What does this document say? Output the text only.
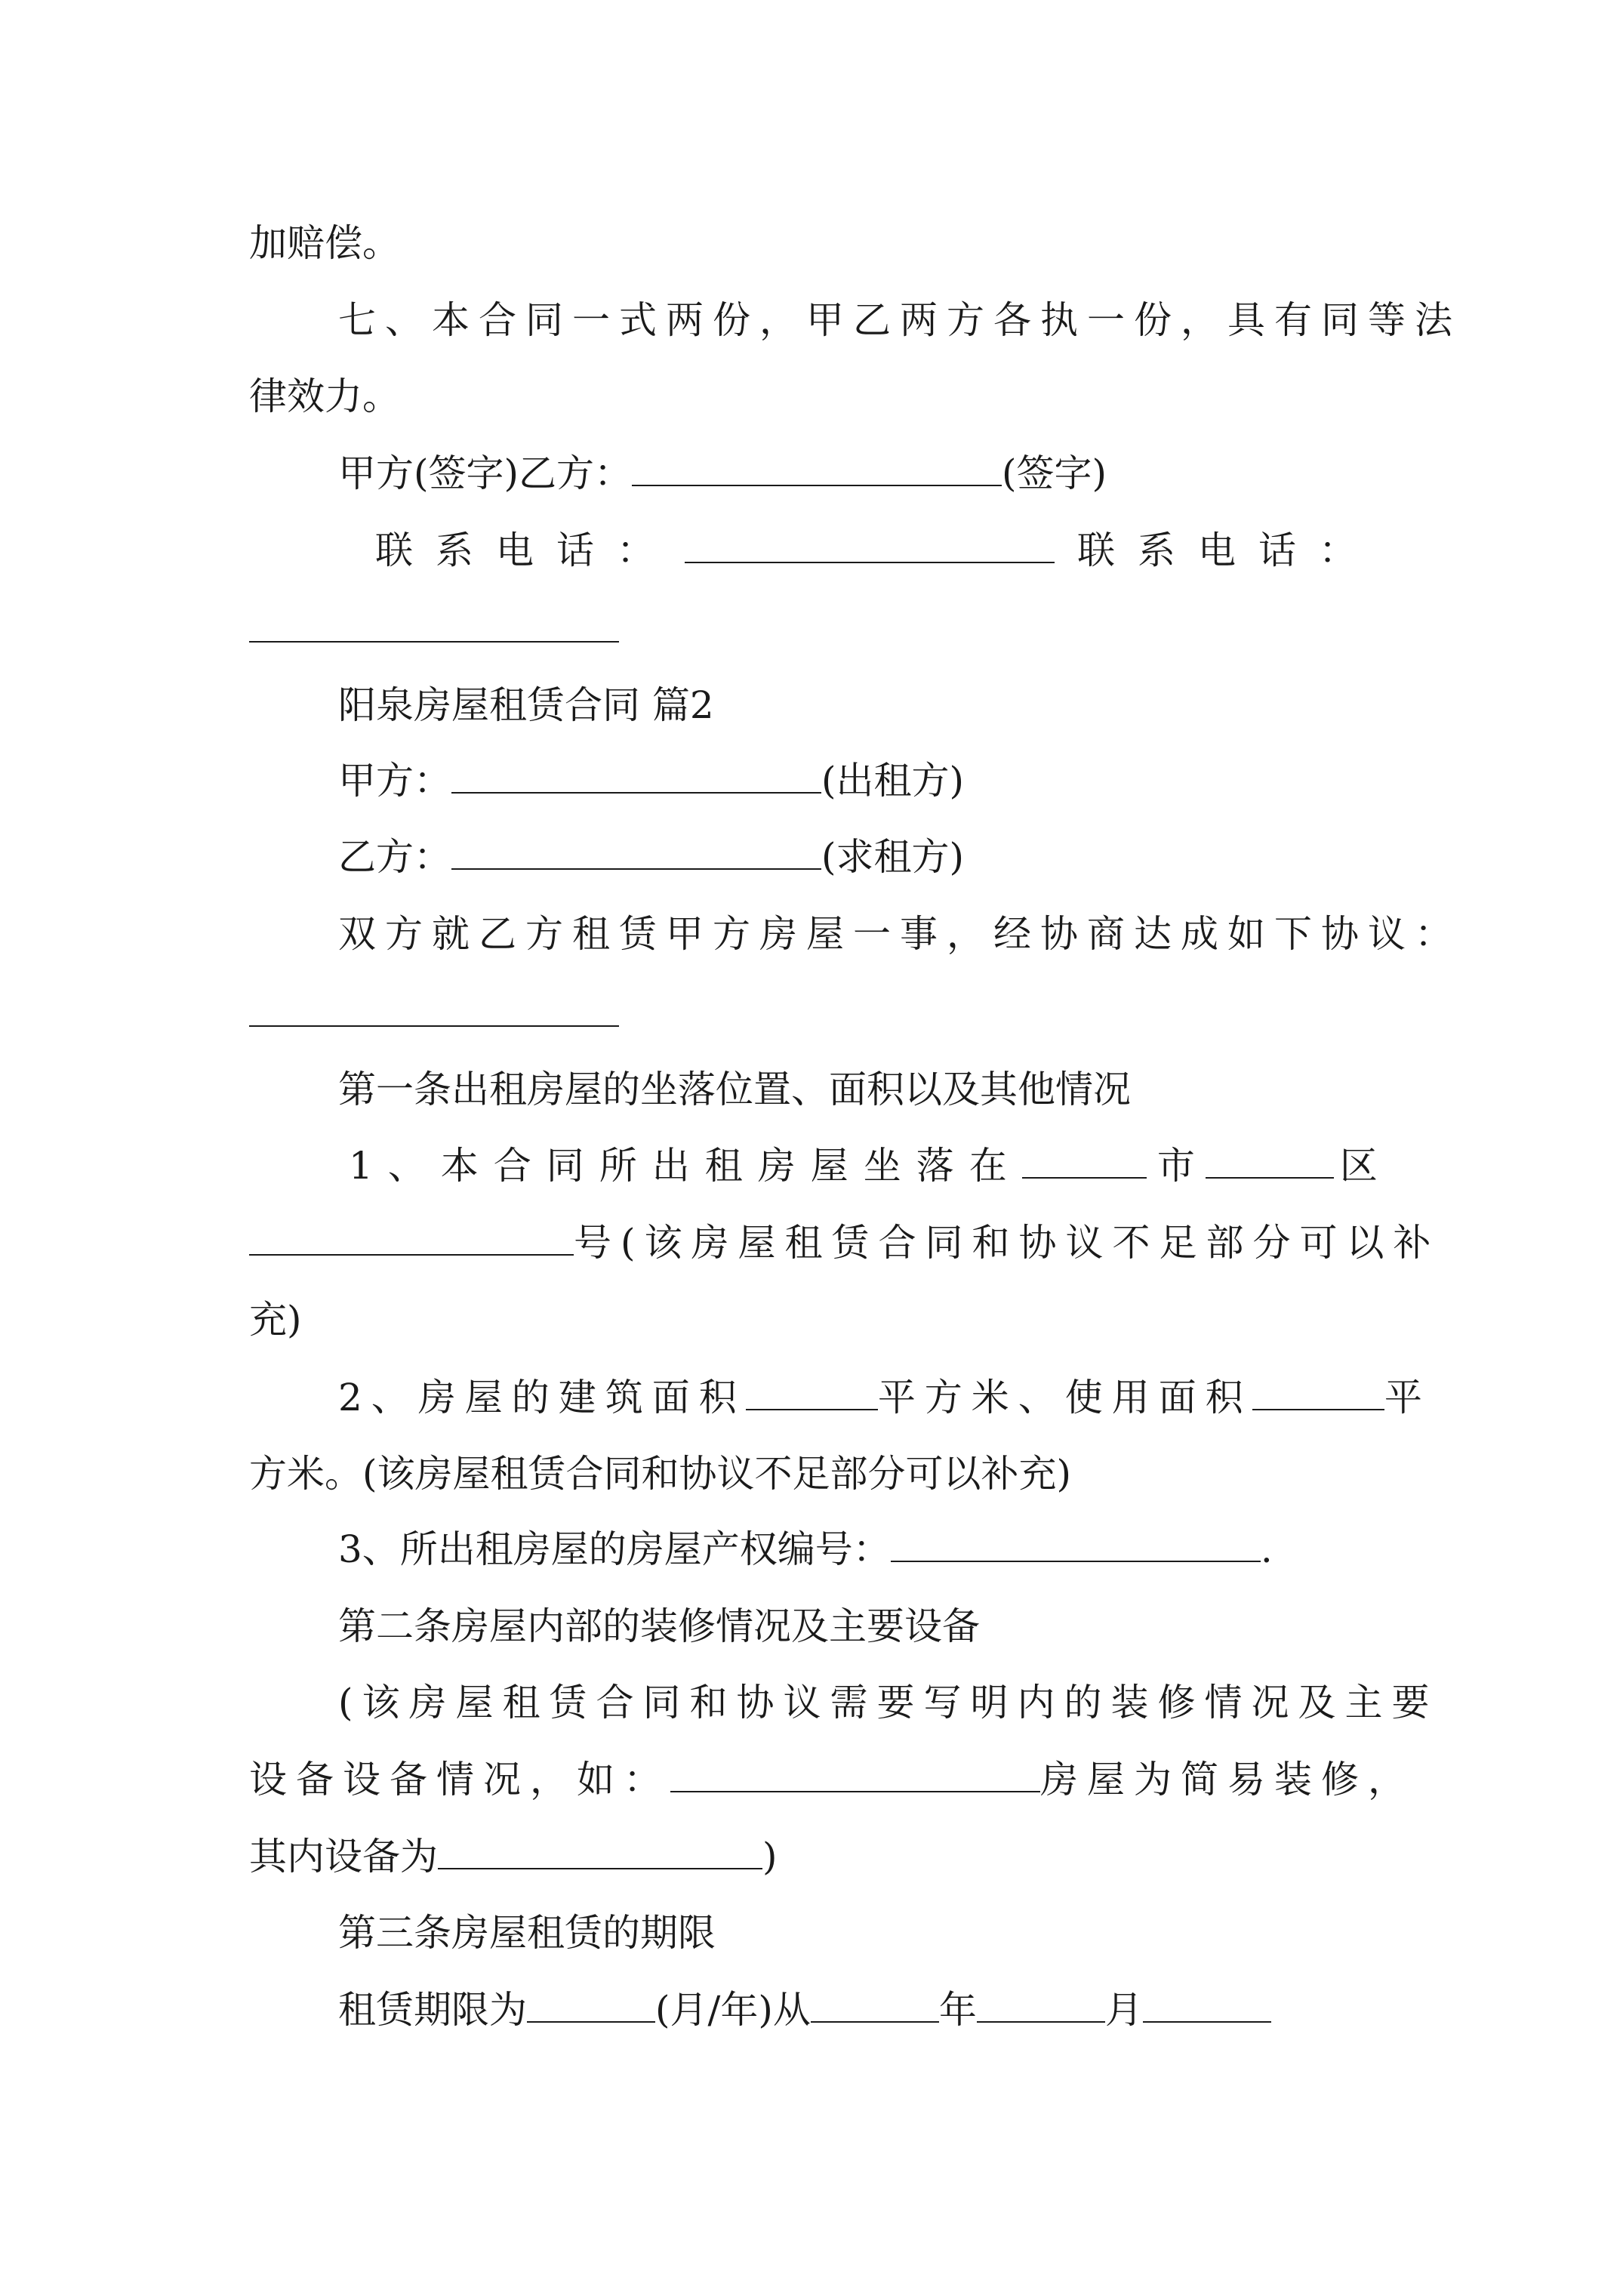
加赔偿。
七、本合同一式两份，甲乙两方各执一份，具有同等法
律效力。
甲方(签字)乙方：	(签字)
联系电话：	联系电话：
阳泉房屋租赁合同 篇2
甲方：	(出租方)
乙方：	(求租方)
双方就乙方租赁甲方房屋一事，经协商达成如下协议：
第一条出租房屋的坐落位置、面积以及其他情况
1、本合同所出租房屋坐落在	市	区
号(该房屋租赁合同和协议不足部分可以补
充)
2、房屋的建筑面积	平方米、使用面积	平
方米。(该房屋租赁合同和协议不足部分可以补充)
3、所出租房屋的房屋产权编号：	.
第二条房屋内部的装修情况及主要设备
(该房屋租赁合同和协议需要写明内的装修情况及主要
设备设备情况，如：	房屋为简易装修，
其内设备为	)
第三条房屋租赁的期限
租赁期限为	(月/年)从	年	月
